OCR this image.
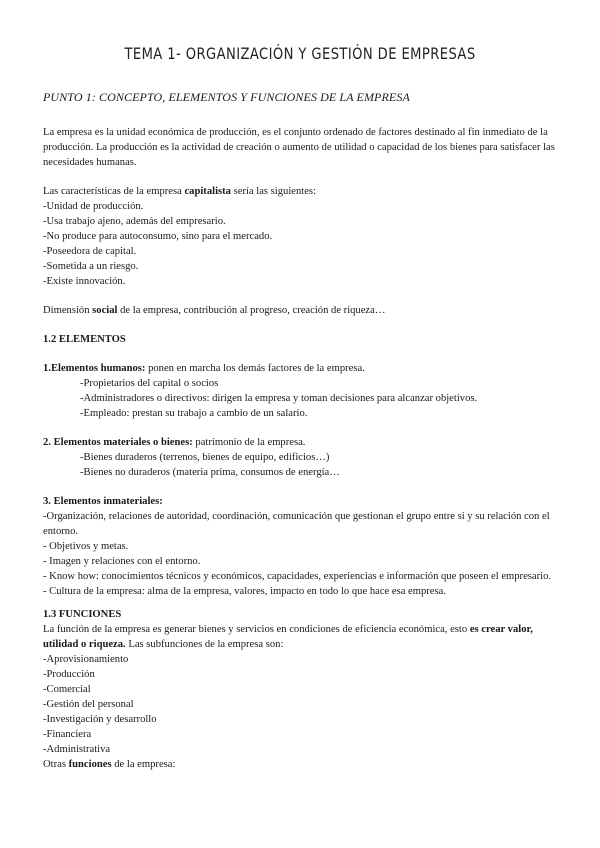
TEMA 1- ORGANIZACIÓN Y GESTIÓN DE EMPRESAS

PUNTO 1: CONCEPTO, ELEMENTOS Y FUNCIONES DE LA EMPRESA

La empresa es la unidad económica de producción, es el conjunto ordenado de factores destinado al fin inmediato de la producción. La producción es la actividad de creación o aumento de utilidad o capacidad de los bienes para satisfacer las necesidades humanas.

Las características de la empresa capitalista sería las siguientes:

-Unidad de producción.

-Usa trabajo ajeno, además del empresario.

-No produce para autoconsumo, sino para el mercado.

-Poseedora de capital.

-Sometida a un riesgo.

-Existe innovación.

Dimensión social de la empresa, contribución al progreso, creación de riqueza…

1.2 ELEMENTOS

1.Elementos humanos: ponen en marcha los demás factores de la empresa.

-Propietarios del capital o socios

-Administradores o directivos: dirigen la empresa y toman decisiones para alcanzar objetivos.

-Empleado: prestan su trabajo a cambio de un salario.

2. Elementos materiales o bienes: patrimonio de la empresa.

-Bienes duraderos (terrenos, bienes de equipo, edificios…)

-Bienes no duraderos (materia prima, consumos de energía…

3. Elementos inmateriales:

-Organización, relaciones de autoridad, coordinación, comunicación que gestionan el grupo entre si y su relación con el entorno.

- Objetivos y metas.

- Imagen y relaciones con el entorno.

- Know how: conocimientos técnicos y económicos, capacidades, experiencias e información que poseen el empresario.

- Cultura de la empresa: alma de la empresa, valores, impacto en todo lo que hace esa empresa.

1.3 FUNCIONES

La función de la empresa es generar bienes y servicios en condiciones de eficiencia económica, esto es crear valor, utilidad o riqueza. Las subfunciones de la empresa son:

-Aprovisionamiento

-Producción

-Comercial

-Gestión del personal

-Investigación y desarrollo

-Financiera

-Administrativa

Otras funciones de la empresa:
